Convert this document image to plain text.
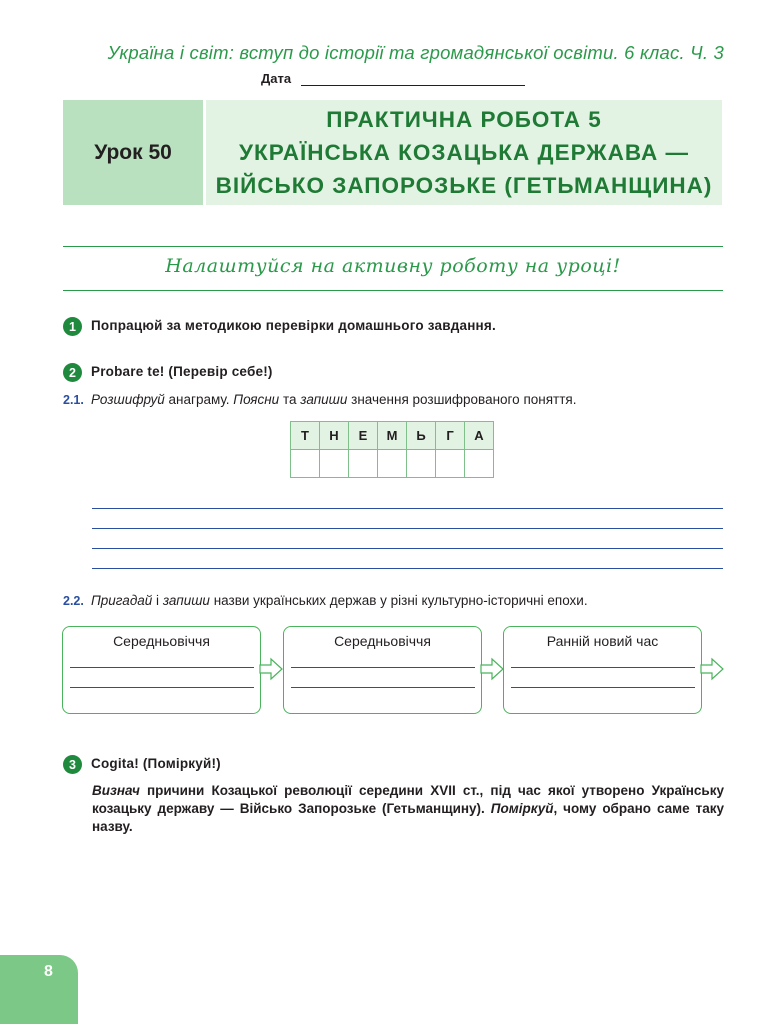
Україна і світ: вступ до історії та громадянської освіти. 6 клас. Ч. 3
Дата
Урок 50
ПРАКТИЧНА РОБОТА 5
УКРАЇНСЬКА КОЗАЦЬКА ДЕРЖАВА —
ВІЙСЬКО ЗАПОРОЗЬКЕ (ГЕТЬМАНЩИНА)
Налаштуйся на активну роботу на уроці!
1	Попрацюй за методикою перевірки домашнього завдання.
2	Probare te! (Перевір себе!)
2.1. Розшифруй анаграму. Поясни та запиши значення розшифрованого поняття.
Т	Н	Е	М	Ь	Г	А

2.2. Пригадай і запиши назви українських держав у різні культурно-історичні епохи.
Середньовіччя	Середньовіччя	Ранній новий час
3	Cogita! (Поміркуй!)
Визнач причини Козацької революції середини XVII ст., під час якої утворено Українську козацьку державу — Військо Запорозьке (Гетьманщину). Поміркуй, чому обрано саме таку назву.
8
